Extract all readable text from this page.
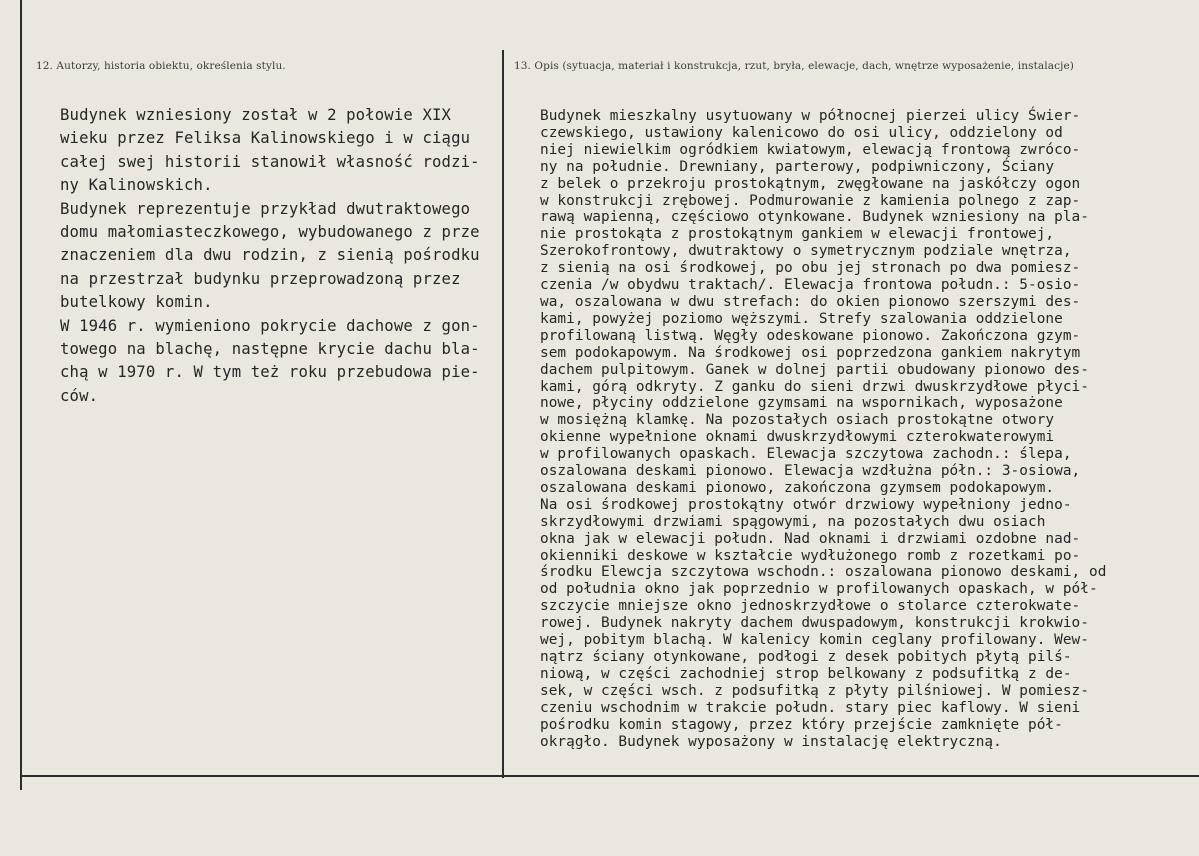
12. Autorzy, historia obiektu, określenia stylu.	13. Opis (sytuacja, materiał i konstrukcja, rzut, bryła, elewacje, dach, wnętrze wyposażenie, instalacje)
Budynek wzniesiony został w 2 połowie XIX
wieku przez Feliksa Kalinowskiego i w ciągu
całej swej historii stanowił własność rodzi-
ny Kalinowskich.
Budynek reprezentuje przykład dwutraktowego
domu małomiasteczkowego, wybudowanego z prze
znaczeniem dla dwu rodzin, z sienią pośrodku
na przestrzał budynku przeprowadzoną przez
butelkowy komin.
W 1946 r. wymieniono pokrycie dachowe z gon-
towego na blachę, następne krycie dachu bla-
chą w 1970 r. W tym też roku przebudowa pie-
ców.
Budynek mieszkalny usytuowany w północnej pierzei ulicy Świer-
czewskiego, ustawiony kalenicowo do osi ulicy, oddzielony od
niej niewielkim ogródkiem kwiatowym, elewacją frontową zwróco-
ny na południe. Drewniany, parterowy, podpiwniczony, Ściany
z belek o przekroju prostokątnym, zwęgłowane na jaskółczy ogon
w konstrukcji zrębowej. Podmurowanie z kamienia polnego z zap-
rawą wapienną, częściowo otynkowane. Budynek wzniesiony na pla-
nie prostokąta z prostokątnym gankiem w elewacji frontowej,
Szerokofrontowy, dwutraktowy o symetrycznym podziale wnętrza,
z sienią na osi środkowej, po obu jej stronach po dwa pomiesz-
czenia /w obydwu traktach/. Elewacja frontowa połudn.: 5-osio-
wa, oszalowana w dwu strefach: do okien pionowo szerszymi des-
kami, powyżej poziomo węższymi. Strefy szalowania oddzielone
profilowaną listwą. Węgły odeskowane pionowo. Zakończona gzym-
sem podokapowym. Na środkowej osi poprzedzona gankiem nakrytym
dachem pulpitowym. Ganek w dolnej partii obudowany pionowo des-
kami, górą odkryty. Z ganku do sieni drzwi dwuskrzydłowe płyci-
nowe, płyciny oddzielone gzymsami na wspornikach, wyposażone
w mosiężną klamkę. Na pozostałych osiach prostokątne otwory
okienne wypełnione oknami dwuskrzydłowymi czterokwaterowymi
w profilowanych opaskach. Elewacja szczytowa zachodn.: ślepa,
oszalowana deskami pionowo. Elewacja wzdłużna półn.: 3-osiowa,
oszalowana deskami pionowo, zakończona gzymsem podokapowym.
Na osi środkowej prostokątny otwór drzwiowy wypełniony jedno-
skrzydłowymi drzwiami spągowymi, na pozostałych dwu osiach
okna jak w elewacji połudn. Nad oknami i drzwiami ozdobne nad-
okienniki deskowe w kształcie wydłużonego romb z rozetkami po-
środku Elewcja szczytowa wschodn.: oszalowana pionowo deskami, od
od południa okno jak poprzednio w profilowanych opaskach, w pół-
szczycie mniejsze okno jednoskrzydłowe o stolarce czterokwate-
rowej. Budynek nakryty dachem dwuspadowym, konstrukcji krokwio-
wej, pobitym blachą. W kalenicy komin ceglany profilowany. Wew-
nątrz ściany otynkowane, podłogi z desek pobitych płytą pilś-
niową, w części zachodniej strop belkowany z podsufitką z de-
sek, w części wsch. z podsufitką z płyty pilśniowej. W pomiesz-
czeniu wschodnim w trakcie połudn. stary piec kaflowy. W sieni
pośrodku komin stagowy, przez który przejście zamknięte pół-
okrągło. Budynek wyposażony w instalację elektryczną.
